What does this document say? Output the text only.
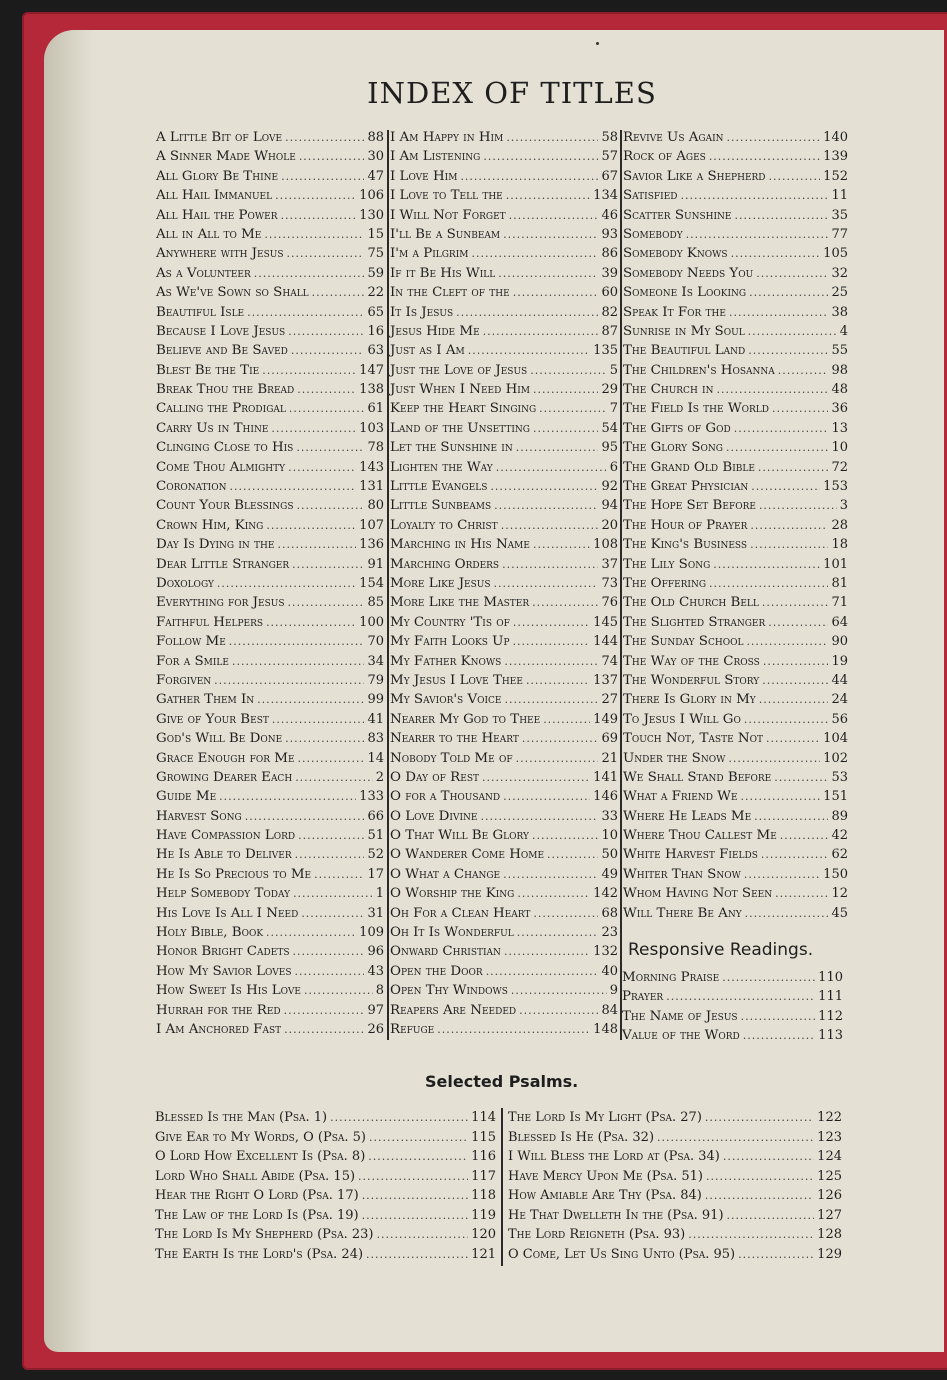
INDEX OF TITLES
A Little Bit of Love .....	88
A Sinner Made Whole .....	30
All Glory Be Thine .....	47
All Hail Immanuel .....	106
All Hail the Power .....	130
All in All to Me .....	15
Anywhere with Jesus .....	75
As a Volunteer .....	59
As We've Sown so Shall .....	22
Beautiful Isle .....	65
Because I Love Jesus .....	16
Believe and Be Saved .....	63
Blest Be the Tie .....	147
Break Thou the Bread .....	138
Calling the Prodigal .....	61
Carry Us in Thine .....	103
Clinging Close to His .....	78
Come Thou Almighty .....	143
Coronation .....	131
Count Your Blessings .....	80
Crown Him, King .....	107
Day Is Dying in the .....	136
Dear Little Stranger .....	91
Doxology .....	154
Everything for Jesus .....	85
Faithful Helpers .....	100
Follow Me .....	70
For a Smile .....	34
Forgiven .....	79
Gather Them In .....	99
Give of Your Best .....	41
God's Will Be Done .....	83
Grace Enough for Me .....	14
Growing Dearer Each .....	2
Guide Me .....	133
Harvest Song .....	66
Have Compassion Lord .....	51
He Is Able to Deliver .....	52
He Is So Precious to Me .....	17
Help Somebody Today .....	1
His Love Is All I Need .....	31
Holy Bible, Book .....	109
Honor Bright Cadets .....	96
How My Savior Loves .....	43
How Sweet Is His Love .....	8
Hurrah for the Red .....	97
I Am Anchored Fast .....	26
I Am Happy in Him .....	58
I Am Listening .....	57
I Love Him .....	67
I Love to Tell the .....	134
I Will Not Forget .....	46
I'll Be a Sunbeam .....	93
I'm a Pilgrim .....	86
If it Be His Will .....	39
In the Cleft of the .....	60
It Is Jesus .....	82
Jesus Hide Me .....	87
Just as I Am .....	135
Just the Love of Jesus .....	5
Just When I Need Him .....	29
Keep the Heart Singing .....	7
Land of the Unsetting .....	54
Let the Sunshine in .....	95
Lighten the Way .....	6
Little Evangels .....	92
Little Sunbeams .....	94
Loyalty to Christ .....	20
Marching in His Name .....	108
Marching Orders .....	37
More Like Jesus .....	73
More Like the Master .....	76
My Country 'Tis of .....	145
My Faith Looks Up .....	144
My Father Knows .....	74
My Jesus I Love Thee .....	137
My Savior's Voice .....	27
Nearer My God to Thee .....	149
Nearer to the Heart .....	69
Nobody Told Me of .....	21
O Day of Rest .....	141
O for a Thousand .....	146
O Love Divine .....	33
O That Will Be Glory .....	10
O Wanderer Come Home .....	50
O What a Change .....	49
O Worship the King .....	142
Oh For a Clean Heart .....	68
Oh It Is Wonderful .....	23
Onward Christian .....	132
Open the Door .....	40
Open Thy Windows .....	9
Reapers Are Needed .....	84
Refuge .....	148
Revive Us Again .....	140
Rock of Ages .....	139
Savior Like a Shepherd .....	152
Satisfied .....	11
Scatter Sunshine .....	35
Somebody .....	77
Somebody Knows .....	105
Somebody Needs You .....	32
Someone Is Looking .....	25
Speak It For the .....	38
Sunrise in My Soul .....	4
The Beautiful Land .....	55
The Children's Hosanna .....	98
The Church in .....	48
The Field Is the World .....	36
The Gifts of God .....	13
The Glory Song .....	10
The Grand Old Bible .....	72
The Great Physician .....	153
The Hope Set Before .....	3
The Hour of Prayer .....	28
The King's Business .....	18
The Lily Song .....	101
The Offering .....	81
The Old Church Bell .....	71
The Slighted Stranger .....	64
The Sunday School .....	90
The Way of the Cross .....	19
The Wonderful Story .....	44
There Is Glory in My .....	24
To Jesus I Will Go .....	56
Touch Not, Taste Not .....	104
Under the Snow .....	102
We Shall Stand Before .....	53
What a Friend We .....	151
Where He Leads Me .....	89
Where Thou Callest Me .....	42
White Harvest Fields .....	62
Whiter Than Snow .....	150
Whom Having Not Seen .....	12
Will There Be Any .....	45
Responsive Readings.
Morning Praise .....	110
Prayer .....	111
The Name of Jesus .....	112
Value of the Word .....	113
Selected Psalms.
Blessed Is the Man (Psa. 1) .....	114
Give Ear to My Words, O (Psa. 5) .....	115
O Lord How Excellent Is (Psa. 8) .....	116
Lord Who Shall Abide (Psa. 15) .....	117
Hear the Right O Lord (Psa. 17) .....	118
The Law of the Lord Is (Psa. 19) .....	119
The Lord Is My Shepherd (Psa. 23) .....	120
The Earth Is the Lord's (Psa. 24) .....	121
The Lord Is My Light (Psa. 27) .....	122
Blessed Is He (Psa. 32) .....	123
I Will Bless the Lord at (Psa. 34) .....	124
Have Mercy Upon Me (Psa. 51) .....	125
How Amiable Are Thy (Psa. 84) .....	126
He That Dwelleth In the (Psa. 91) .....	127
The Lord Reigneth (Psa. 93) .....	128
O Come, Let Us Sing Unto (Psa. 95) .....	129
